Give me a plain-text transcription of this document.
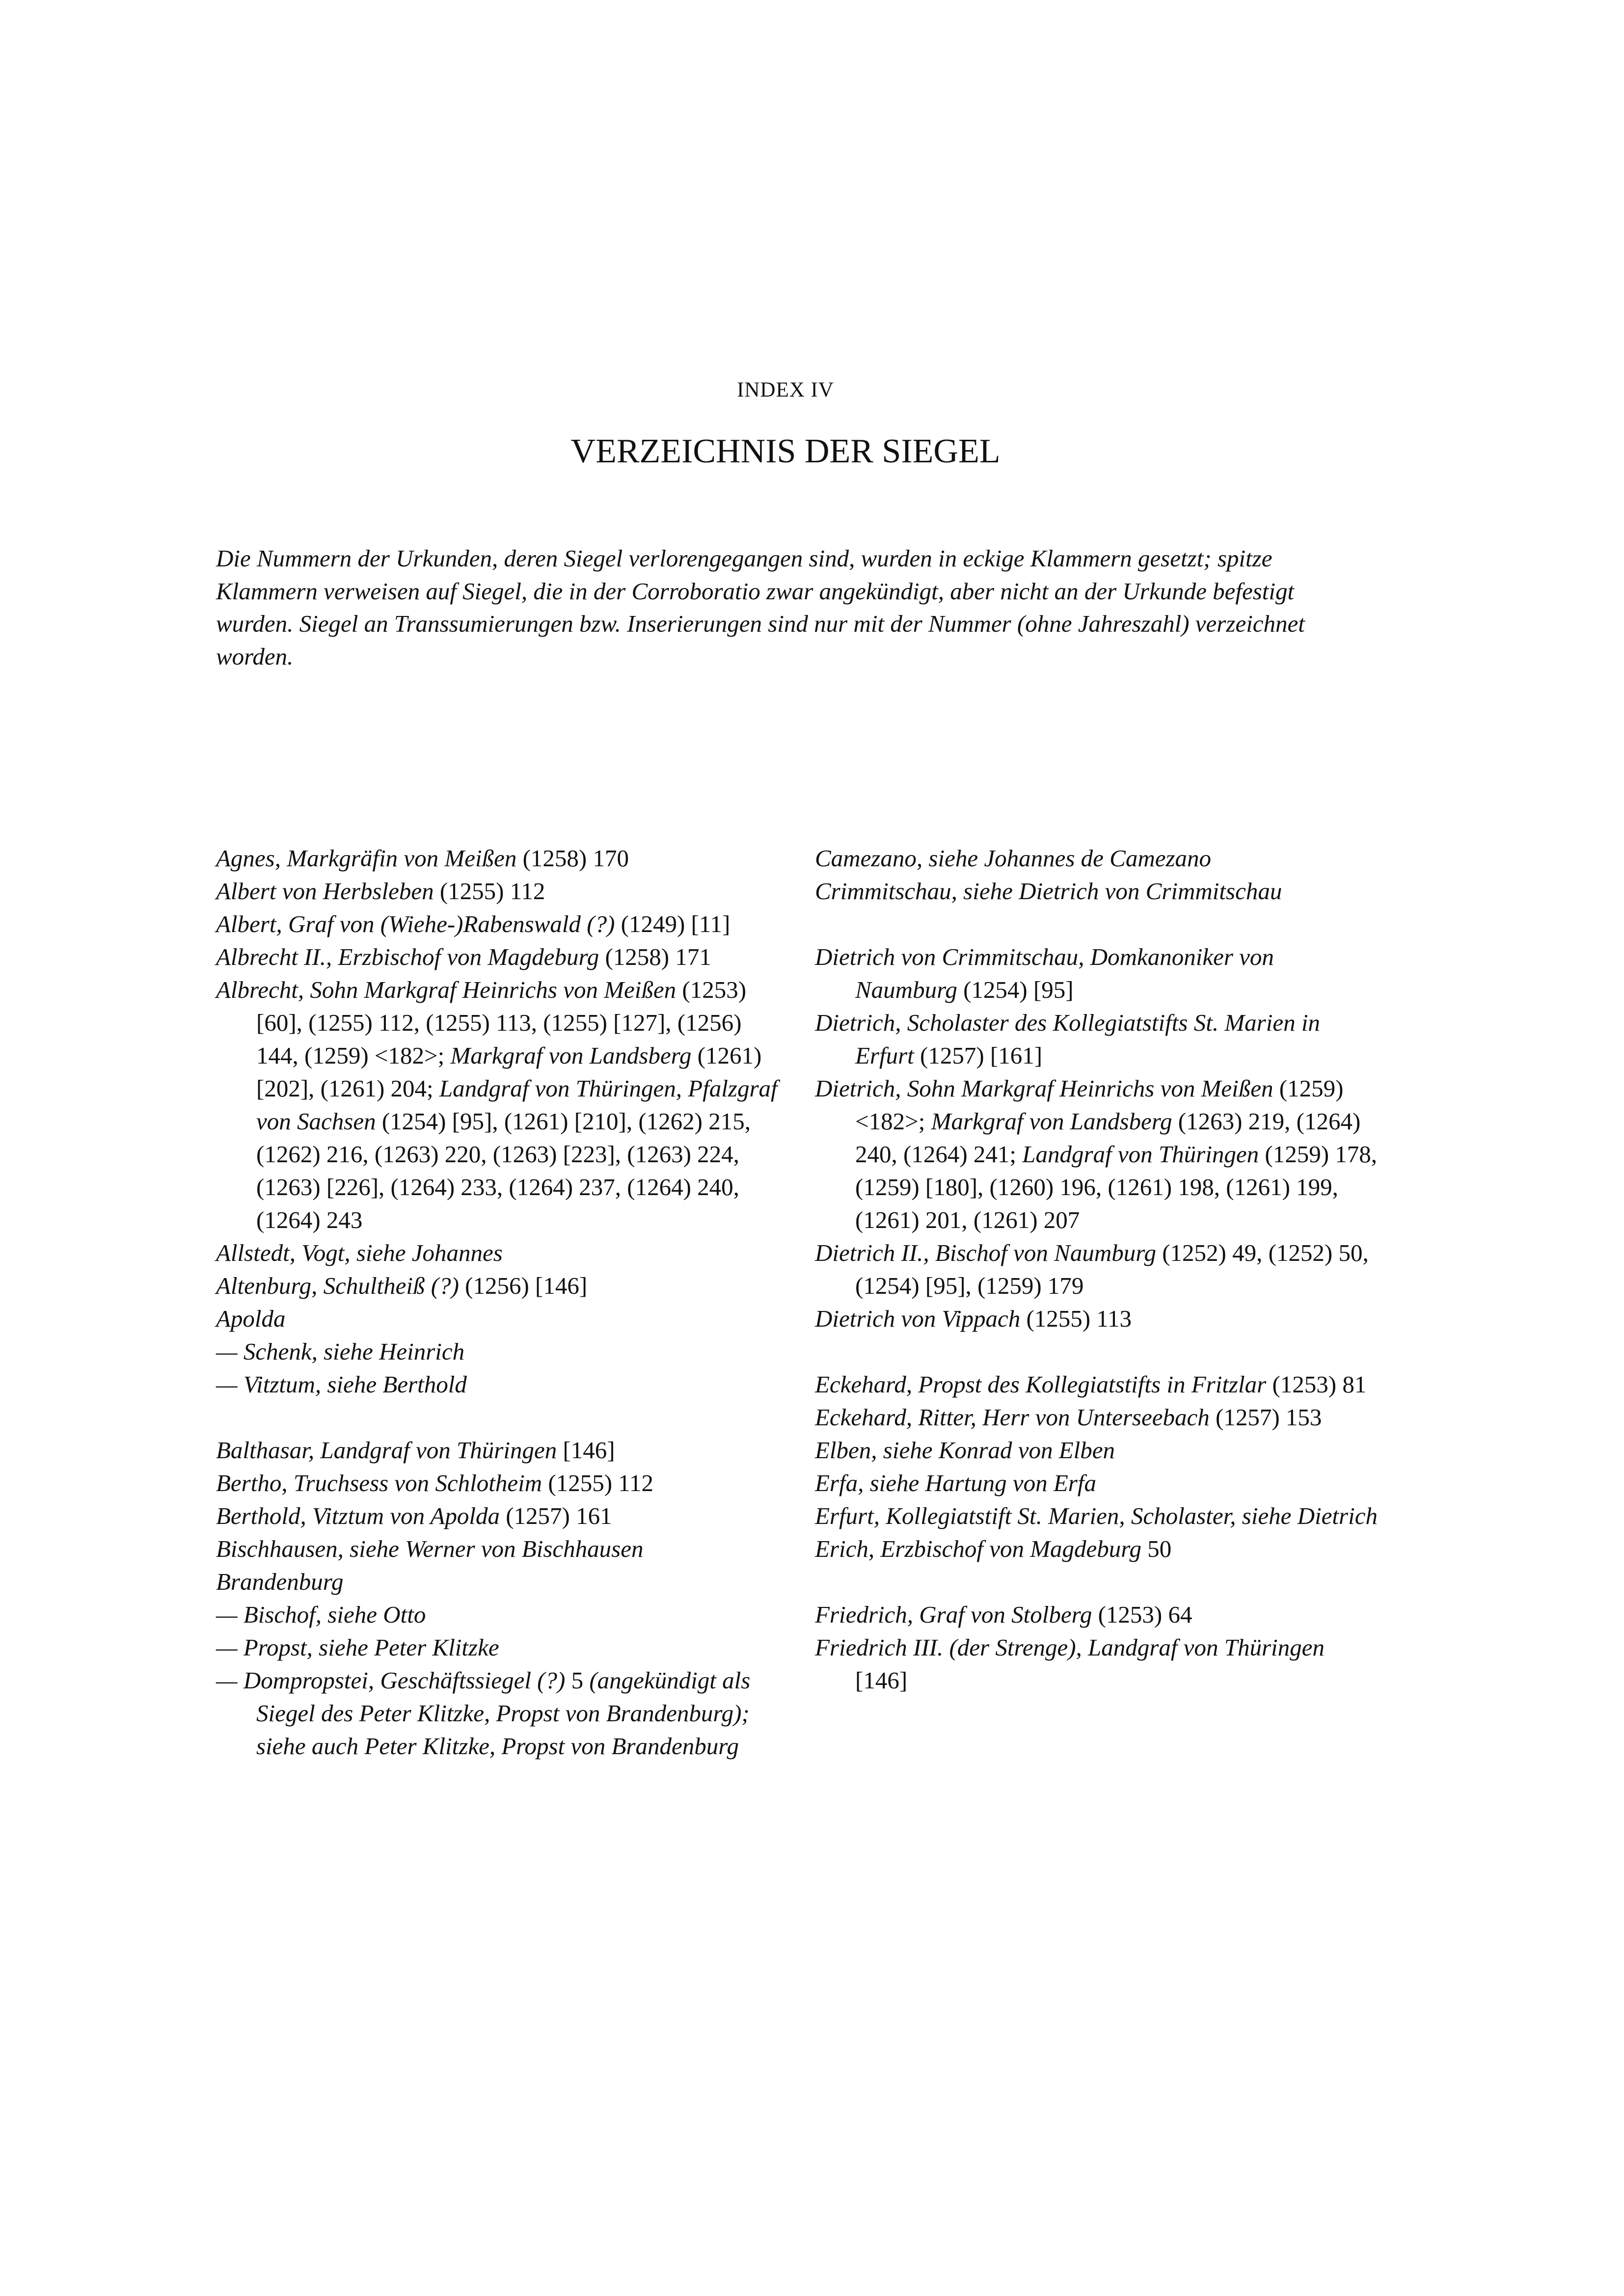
INDEX IV
VERZEICHNIS DER SIEGEL

Die Nummern der Urkunden, deren Siegel verlorengegangen sind, wurden in eckige Klammern gesetzt; spitze Klammern verweisen auf Siegel, die in der Corroboratio zwar angekündigt, aber nicht an der Urkunde befestigt wurden. Siegel an Transsumierungen bzw. Inserierungen sind nur mit der Nummer (ohne Jahreszahl) verzeichnet worden.

Agnes, Markgräfin von Meißen (1258) 170

Albert von Herbsleben (1255) 112

Albert, Graf von (Wiehe-)Rabenswald (?) (1249) [11]

Albrecht II., Erzbischof von Magdeburg (1258) 171

Albrecht, Sohn Markgraf Heinrichs von Meißen (1253) [60], (1255) 112, (1255) 113, (1255) [127], (1256) 144, (1259) <182>; Markgraf von Landsberg (1261) [202], (1261) 204; Landgraf von Thüringen, Pfalzgraf von Sachsen (1254) [95], (1261) [210], (1262) 215, (1262) 216, (1263) 220, (1263) [223], (1263) 224, (1263) [226], (1264) 233, (1264) 237, (1264) 240, (1264) 243

Allstedt, Vogt, siehe Johannes

Altenburg, Schultheiß (?) (1256) [146]

Apolda

— Schenk, siehe Heinrich

— Vitztum, siehe Berthold

Balthasar, Landgraf von Thüringen [146]

Bertho, Truchsess von Schlotheim (1255) 112

Berthold, Vitztum von Apolda (1257) 161

Bischhausen, siehe Werner von Bischhausen

Brandenburg

— Bischof, siehe Otto

— Propst, siehe Peter Klitzke

— Dompropstei, Geschäftssiegel (?) 5 (angekündigt als Siegel des Peter Klitzke, Propst von Brandenburg); siehe auch Peter Klitzke, Propst von Brandenburg

Camezano, siehe Johannes de Camezano

Crimmitschau, siehe Dietrich von Crimmitschau

Dietrich von Crimmitschau, Domkanoniker von Naumburg (1254) [95]

Dietrich, Scholaster des Kollegiatstifts St. Marien in Erfurt (1257) [161]

Dietrich, Sohn Markgraf Heinrichs von Meißen (1259) <182>; Markgraf von Landsberg (1263) 219, (1264) 240, (1264) 241; Landgraf von Thüringen (1259) 178, (1259) [180], (1260) 196, (1261) 198, (1261) 199, (1261) 201, (1261) 207

Dietrich II., Bischof von Naumburg (1252) 49, (1252) 50, (1254) [95], (1259) 179

Dietrich von Vippach (1255) 113

Eckehard, Propst des Kollegiatstifts in Fritzlar (1253) 81

Eckehard, Ritter, Herr von Unterseebach (1257) 153

Elben, siehe Konrad von Elben

Erfa, siehe Hartung von Erfa

Erfurt, Kollegiatstift St. Marien, Scholaster, siehe Dietrich

Erich, Erzbischof von Magdeburg 50

Friedrich, Graf von Stolberg (1253) 64

Friedrich III. (der Strenge), Landgraf von Thüringen [146]
